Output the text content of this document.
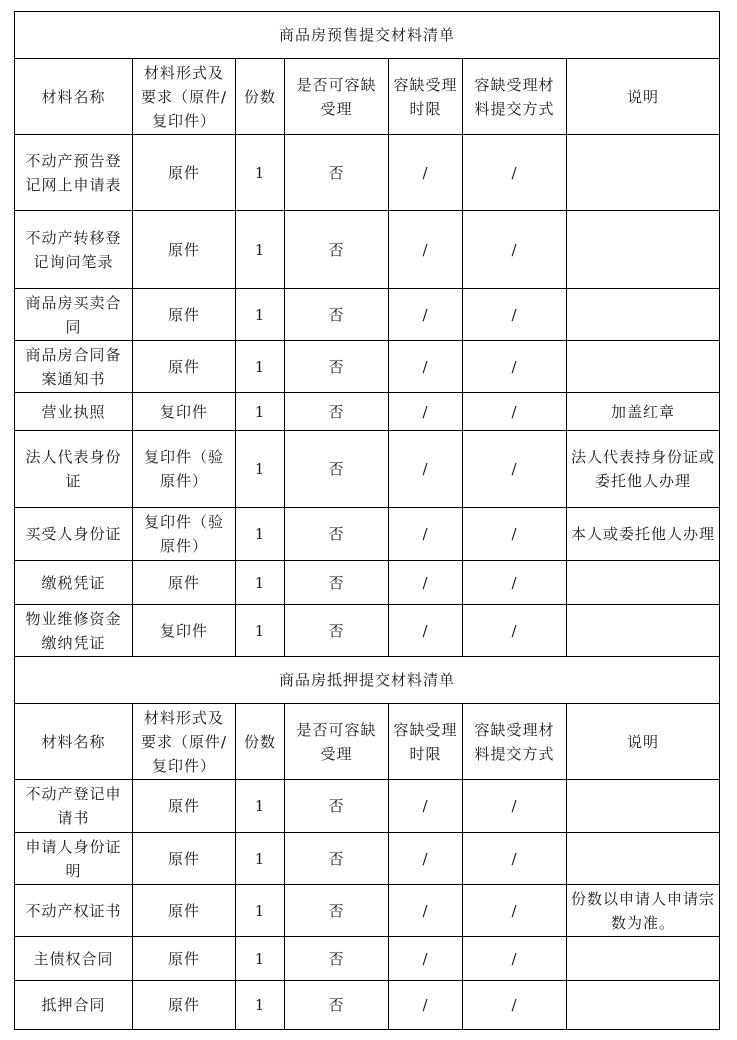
商品房预售提交材料清单						
材料名称	材料形式及要求（原件/复印件）	份数	是否可容缺受理	容缺受理时限	容缺受理材料提交方式	说明
不动产预告登记网上申请表	原件	1	否	/	/	
不动产转移登记询问笔录	原件	1	否	/	/	
商品房买卖合同	原件	1	否	/	/	
商品房合同备案通知书	原件	1	否	/	/	
营业执照	复印件	1	否	/	/	加盖红章
法人代表身份证	复印件（验原件）	1	否	/	/	法人代表持身份证或委托他人办理
买受人身份证	复印件（验原件）	1	否	/	/	本人或委托他人办理
缴税凭证	原件	1	否	/	/	
物业维修资金缴纳凭证	复印件	1	否	/	/	
商品房抵押提交材料清单						
材料名称	材料形式及要求（原件/复印件）	份数	是否可容缺受理	容缺受理时限	容缺受理材料提交方式	说明
不动产登记申请书	原件	1	否	/	/	
申请人身份证明	原件	1	否	/	/	
不动产权证书	原件	1	否	/	/	份数以申请人申请宗数为准。
主债权合同	原件	1	否	/	/	
抵押合同	原件	1	否	/	/	
